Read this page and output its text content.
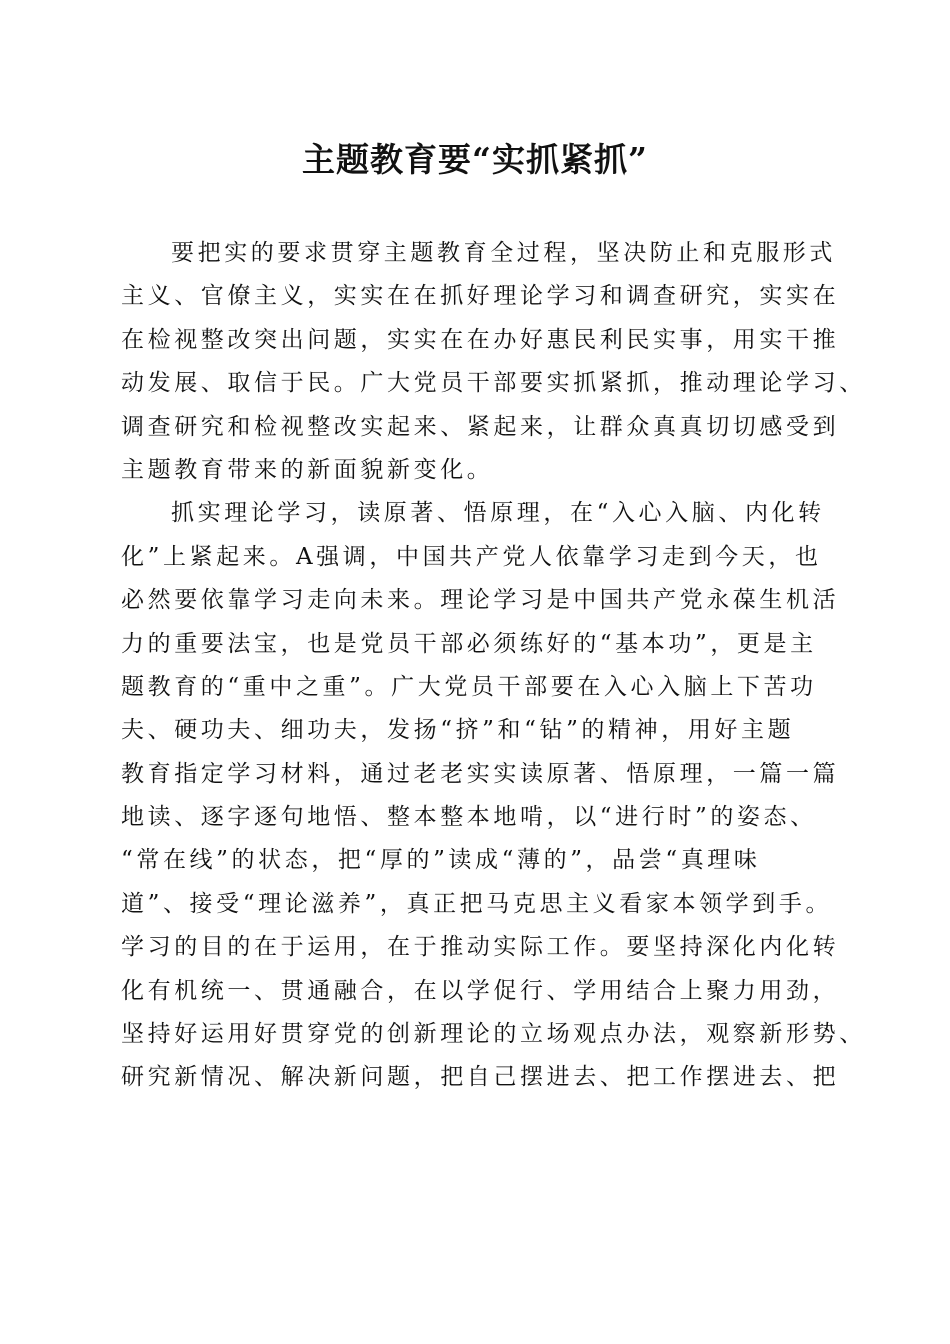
主题教育要“实抓紧抓”
要把实的要求贯穿主题教育全过程，坚决防止和克服形式
主义、官僚主义，实实在在抓好理论学习和调查研究，实实在
在检视整改突出问题，实实在在办好惠民利民实事，用实干推
动发展、取信于民。广大党员干部要实抓紧抓，推动理论学习、
调查研究和检视整改实起来、紧起来，让群众真真切切感受到
主题教育带来的新面貌新变化。
抓实理论学习，读原著、悟原理，在“入心入脑、内化转
化”上紧起来。A强调，中国共产党人依靠学习走到今天，也
必然要依靠学习走向未来。理论学习是中国共产党永葆生机活
力的重要法宝，也是党员干部必须练好的“基本功”，更是主
题教育的“重中之重”。广大党员干部要在入心入脑上下苦功
夫、硬功夫、细功夫，发扬“挤”和“钻”的精神，用好主题
教育指定学习材料，通过老老实实读原著、悟原理，一篇一篇
地读、逐字逐句地悟、整本整本地啃，以“进行时”的姿态、
“常在线”的状态，把“厚的”读成“薄的”，品尝“真理味
道”、接受“理论滋养”，真正把马克思主义看家本领学到手。
学习的目的在于运用，在于推动实际工作。要坚持深化内化转
化有机统一、贯通融合，在以学促行、学用结合上聚力用劲，
坚持好运用好贯穿党的创新理论的立场观点办法，观察新形势、
研究新情况、解决新问题，把自己摆进去、把工作摆进去、把
